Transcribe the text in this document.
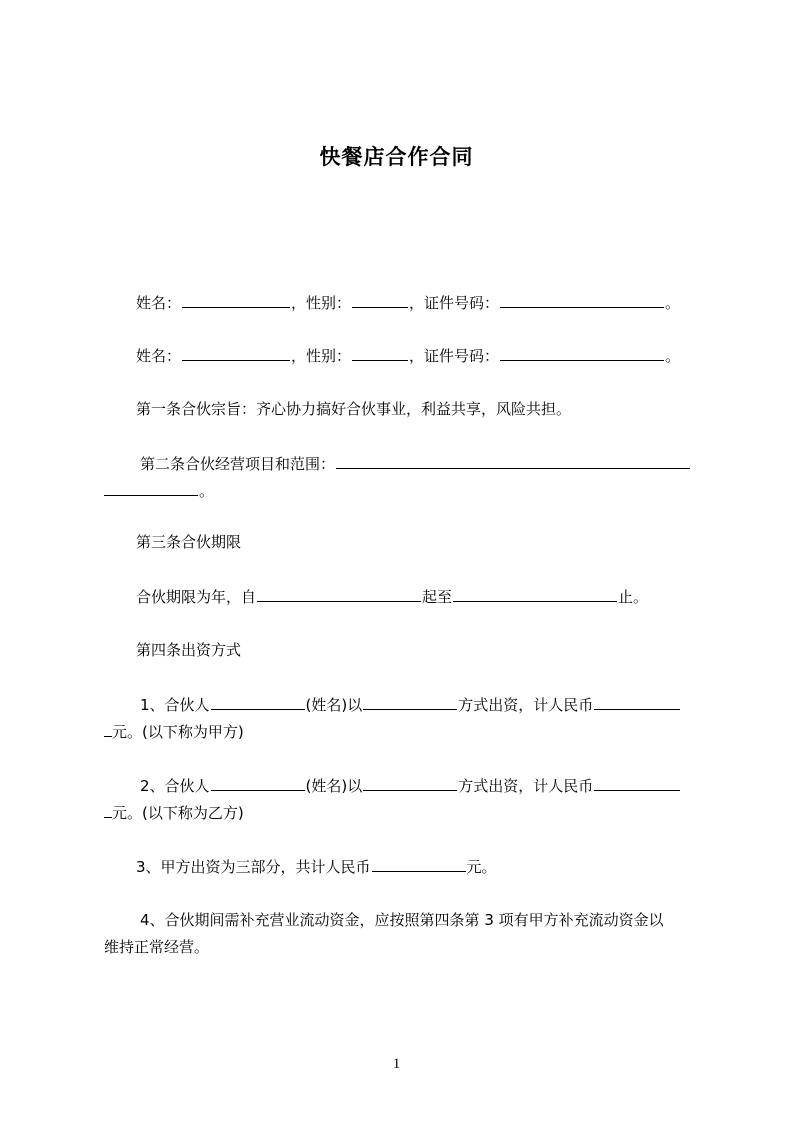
快餐店合作合同
姓名：	，性别：	，证件号码：	。
姓名：	，性别：	，证件号码：	。
第一条合伙宗旨：齐心协力搞好合伙事业，利益共享，风险共担。
第二条合伙经营项目和范围：
。
第三条合伙期限
合伙期限为年，自	起至	止。
第四条出资方式
1、合伙人	(姓名)以	方式出资，计人民币
元。(以下称为甲方)
2、合伙人	(姓名)以	方式出资，计人民币
元。(以下称为乙方)
3、甲方出资为三部分，共计人民币	元。
4、合伙期间需补充营业流动资金，应按照第四条第 3 项有甲方补充流动资金以
维持正常经营。
1
